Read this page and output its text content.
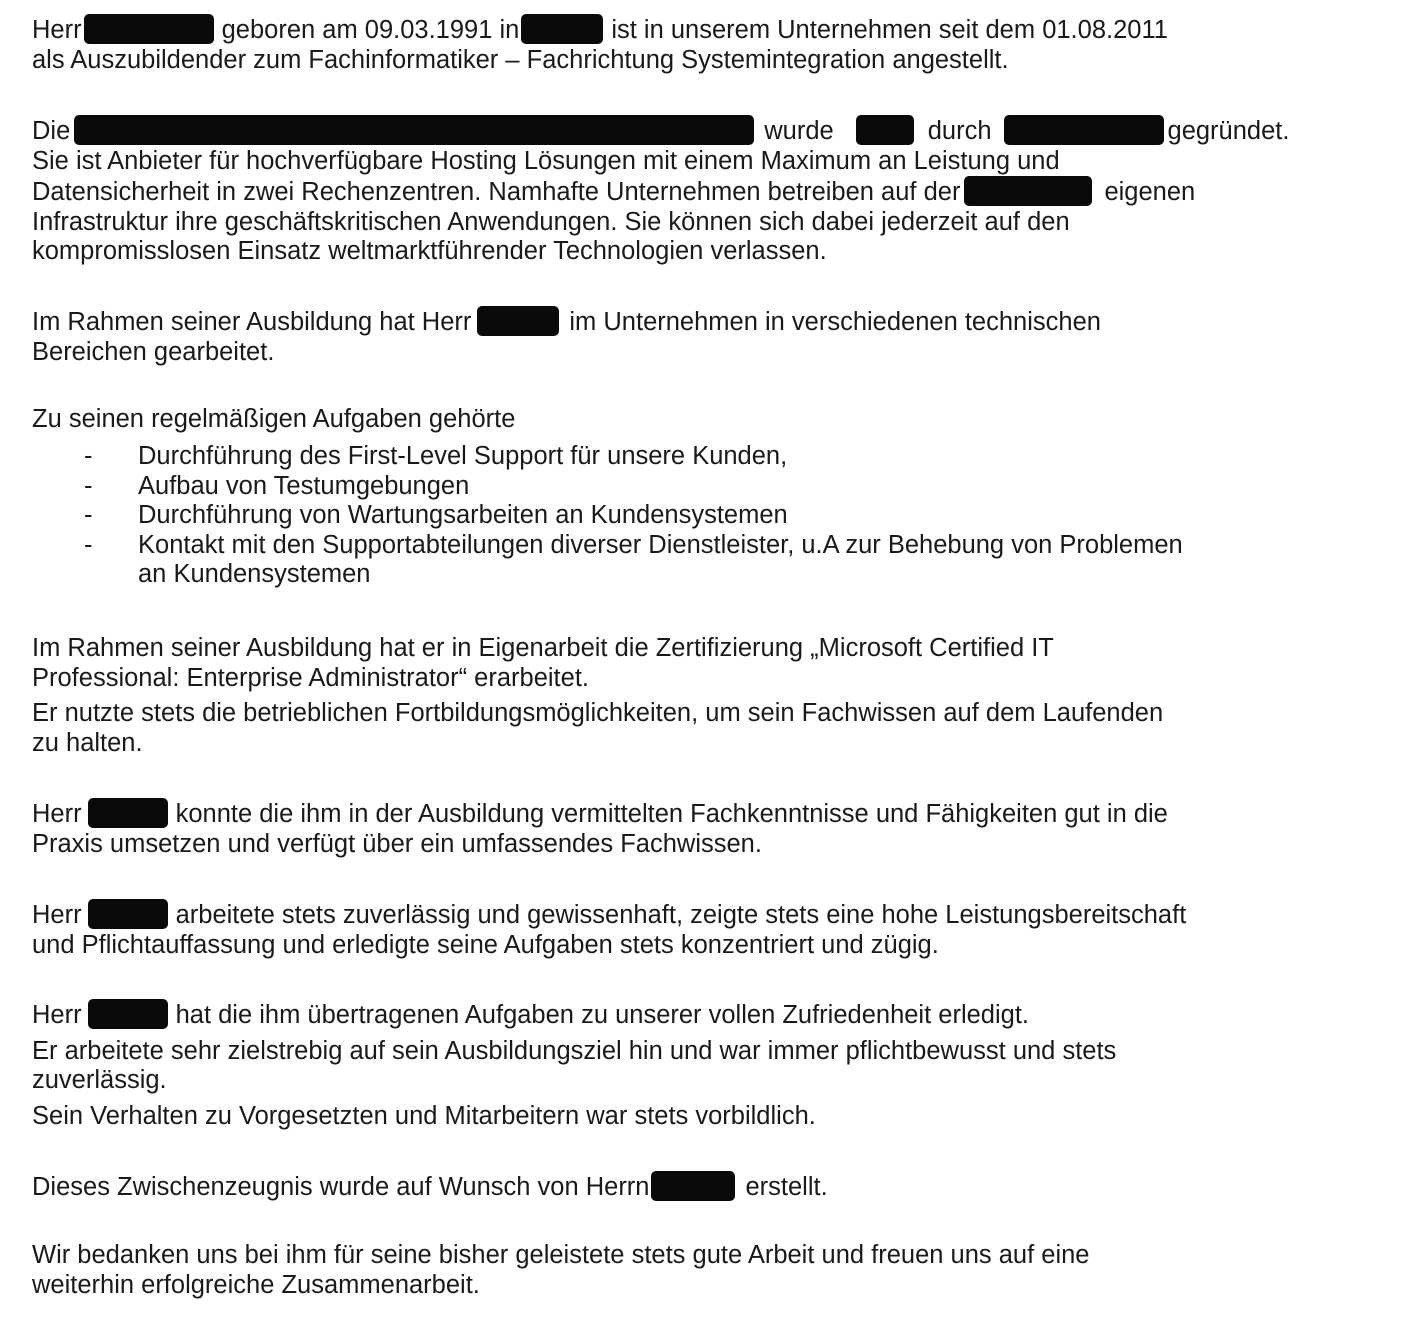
Herr	geboren am 09.03.1991 in	ist in unserem Unternehmen seit dem 01.08.2011
als Auszubildender zum Fachinformatiker – Fachrichtung Systemintegration angestellt.
Die	wurde	durch	gegründet.
Sie ist Anbieter für hochverfügbare Hosting Lösungen mit einem Maximum an Leistung und
Datensicherheit in zwei Rechenzentren. Namhafte Unternehmen betreiben auf der	eigenen
Infrastruktur ihre geschäftskritischen Anwendungen. Sie können sich dabei jederzeit auf den
kompromisslosen Einsatz weltmarktführender Technologien verlassen.
Im Rahmen seiner Ausbildung hat Herr	im Unternehmen in verschiedenen technischen
Bereichen gearbeitet.
Zu seinen regelmäßigen Aufgaben gehörte
- Durchführung des First-Level Support für unsere Kunden,
- Aufbau von Testumgebungen
- Durchführung von Wartungsarbeiten an Kundensystemen
- Kontakt mit den Supportabteilungen diverser Dienstleister, u.A zur Behebung von Problemen
an Kundensystemen
Im Rahmen seiner Ausbildung hat er in Eigenarbeit die Zertifizierung „Microsoft Certified IT
Professional: Enterprise Administrator“ erarbeitet.
Er nutzte stets die betrieblichen Fortbildungsmöglichkeiten, um sein Fachwissen auf dem Laufenden
zu halten.
Herr	konnte die ihm in der Ausbildung vermittelten Fachkenntnisse und Fähigkeiten gut in die
Praxis umsetzen und verfügt über ein umfassendes Fachwissen.
Herr	arbeitete stets zuverlässig und gewissenhaft, zeigte stets eine hohe Leistungsbereitschaft
und Pflichtauffassung und erledigte seine Aufgaben stets konzentriert und zügig.
Herr	hat die ihm übertragenen Aufgaben zu unserer vollen Zufriedenheit erledigt.
Er arbeitete sehr zielstrebig auf sein Ausbildungsziel hin und war immer pflichtbewusst und stets
zuverlässig.
Sein Verhalten zu Vorgesetzten und Mitarbeitern war stets vorbildlich.
Dieses Zwischenzeugnis wurde auf Wunsch von Herrn	erstellt.
Wir bedanken uns bei ihm für seine bisher geleistete stets gute Arbeit und freuen uns auf eine
weiterhin erfolgreiche Zusammenarbeit.
